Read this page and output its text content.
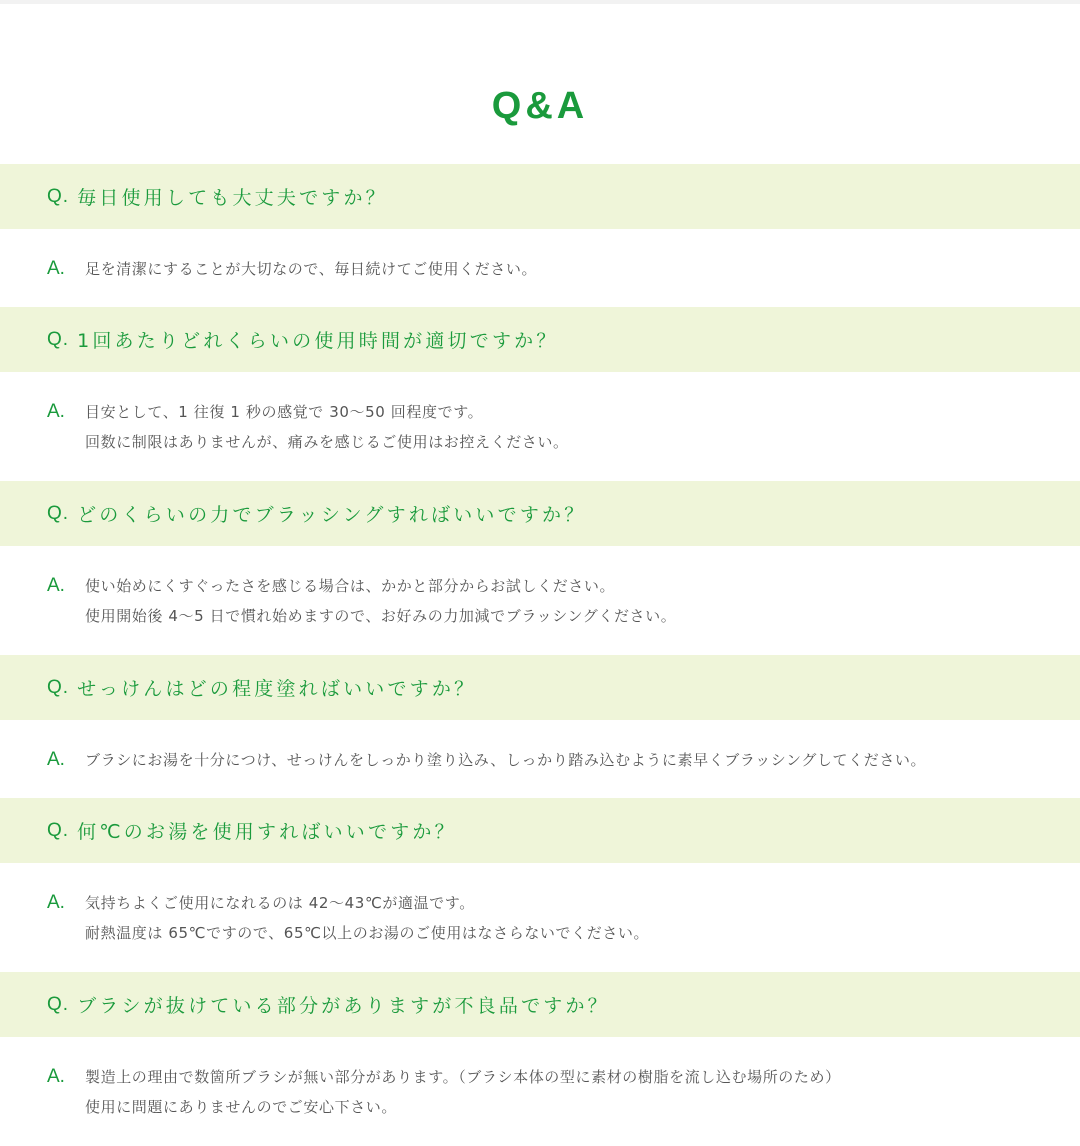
Q&A
Q. 毎日使用しても大丈夫ですか？
A.	足を清潔にすることが大切なので、毎日続けてご使用ください。
Q. 1回あたりどれくらいの使用時間が適切ですか？
A.	目安として、1 往復 1 秒の感覚で 30〜50 回程度です。
回数に制限はありませんが、痛みを感じるご使用はお控えください。
Q. どのくらいの力でブラッシングすればいいですか？
A.	使い始めにくすぐったさを感じる場合は、かかと部分からお試しください。
使用開始後 4〜5 日で慣れ始めますので、お好みの力加減でブラッシングください。
Q. せっけんはどの程度塗ればいいですか？
A.	ブラシにお湯を十分につけ、せっけんをしっかり塗り込み、しっかり踏み込むように素早くブラッシングしてください。
Q. 何℃のお湯を使用すればいいですか？
A.	気持ちよくご使用になれるのは 42〜43℃が適温です。
耐熱温度は 65℃ですので、65℃以上のお湯のご使用はなさらないでください。
Q. ブラシが抜けている部分がありますが不良品ですか？
A.	製造上の理由で数箇所ブラシが無い部分があります。（ブラシ本体の型に素材の樹脂を流し込む場所のため）
使用に問題にありませんのでご安心下さい。
